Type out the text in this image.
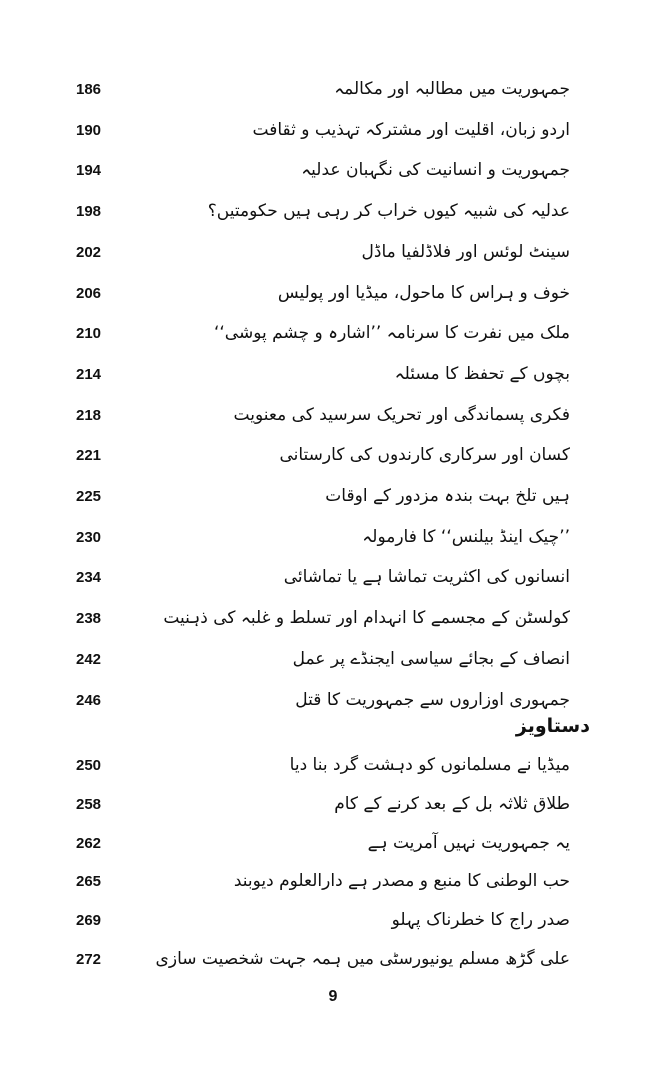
186	جمہوریت میں مطالبہ اور مکالمہ
190	اردو زبان، اقلیت اور مشترکہ تہذیب و ثقافت
194	جمہوریت و انسانیت کی نگہبان عدلیہ
198	عدلیہ کی شبیہ کیوں خراب کر رہی ہیں حکومتیں؟
202	سینٹ لوئس اور فلاڈلفیا ماڈل
206	خوف و ہراس کا ماحول، میڈیا اور پولیس
210	ملک میں نفرت کا سرنامہ ’’اشارہ و چشم پوشی‘‘
214	بچوں کے تحفظ کا مسئلہ
218	فکری پسماندگی اور تحریک سرسید کی معنویت
221	کسان اور سرکاری کارندوں کی کارستانی
225	ہیں تلخ بہت بندہ مزدور کے اوقات
230	’’چیک اینڈ بیلنس‘‘ کا فارمولہ
234	انسانوں کی اکثریت تماشا ہے یا تماشائی
238	کولسٹن کے مجسمے کا انہدام اور تسلط و غلبہ کی ذہنیت
242	انصاف کے بجائے سیاسی ایجنڈے پر عمل
246	جمہوری اوزاروں سے جمہوریت کا قتل
دستاویز
250	میڈیا نے مسلمانوں کو دہشت گرد بنا دیا
258	طلاق ثلاثہ بل کے بعد کرنے کے کام
262	یہ جمہوریت نہیں آمریت ہے
265	حب الوطنی کا منبع و مصدر ہے دارالعلوم دیوبند
269	صدر راج کا خطرناک پہلو
272	علی گڑھ مسلم یونیورسٹی میں ہمہ جہت شخصیت سازی
9
